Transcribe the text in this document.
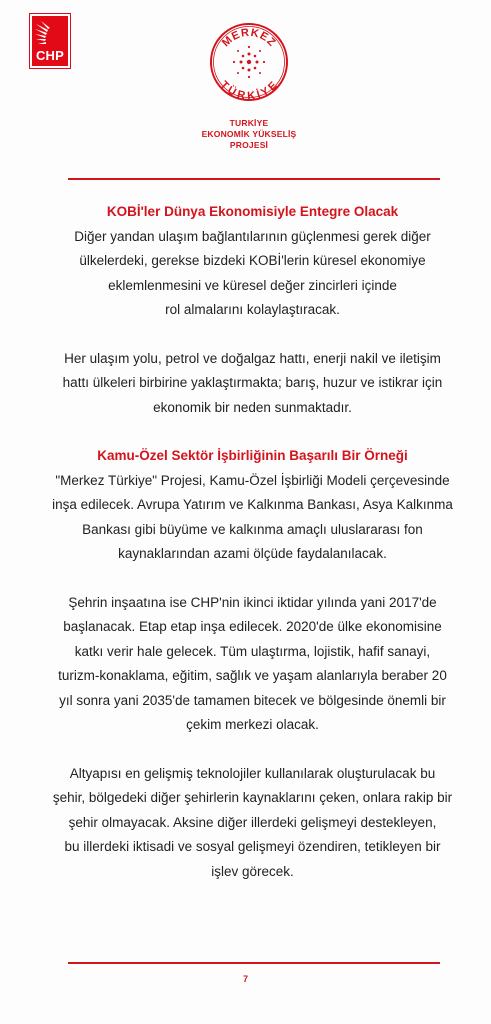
CHP
MERKEZ
TÜRKİYE
TURKİYE
EKONOMİK YÜKSELİŞ
PROJESİ
KOBİ'ler Dünya Ekonomisiyle Entegre Olacak
Diğer yandan ulaşım bağlantılarının güçlenmesi gerek diğer
ülkelerdeki, gerekse bizdeki KOBİ'lerin küresel ekonomiye
eklemlenmesini ve küresel değer zincirleri içinde
rol almalarını kolaylaştıracak.
Her ulaşım yolu, petrol ve doğalgaz hattı, enerji nakil ve iletişim
hattı ülkeleri birbirine yaklaştırmakta; barış, huzur ve istikrar için
ekonomik bir neden sunmaktadır.
Kamu-Özel Sektör İşbirliğinin Başarılı Bir Örneği
"Merkez Türkiye" Projesi, Kamu-Özel İşbirliği Modeli çerçevesinde
inşa edilecek. Avrupa Yatırım ve Kalkınma Bankası, Asya Kalkınma
Bankası gibi büyüme ve kalkınma amaçlı uluslararası fon
kaynaklarından azami ölçüde faydalanılacak.
Şehrin inşaatına ise CHP'nin ikinci iktidar yılında yani 2017'de
başlanacak. Etap etap inşa edilecek. 2020'de ülke ekonomisine
katkı verir hale gelecek. Tüm ulaştırma, lojistik, hafif sanayi,
turizm-konaklama, eğitim, sağlık ve yaşam alanlarıyla beraber 20
yıl sonra yani 2035'de tamamen bitecek ve bölgesinde önemli bir
çekim merkezi olacak.
Altyapısı en gelişmiş teknolojiler kullanılarak oluşturulacak bu
şehir, bölgedeki diğer şehirlerin kaynaklarını çeken, onlara rakip bir
şehir olmayacak. Aksine diğer illerdeki gelişmeyi destekleyen,
bu illerdeki iktisadi ve sosyal gelişmeyi özendiren, tetikleyen bir
işlev görecek.
7
